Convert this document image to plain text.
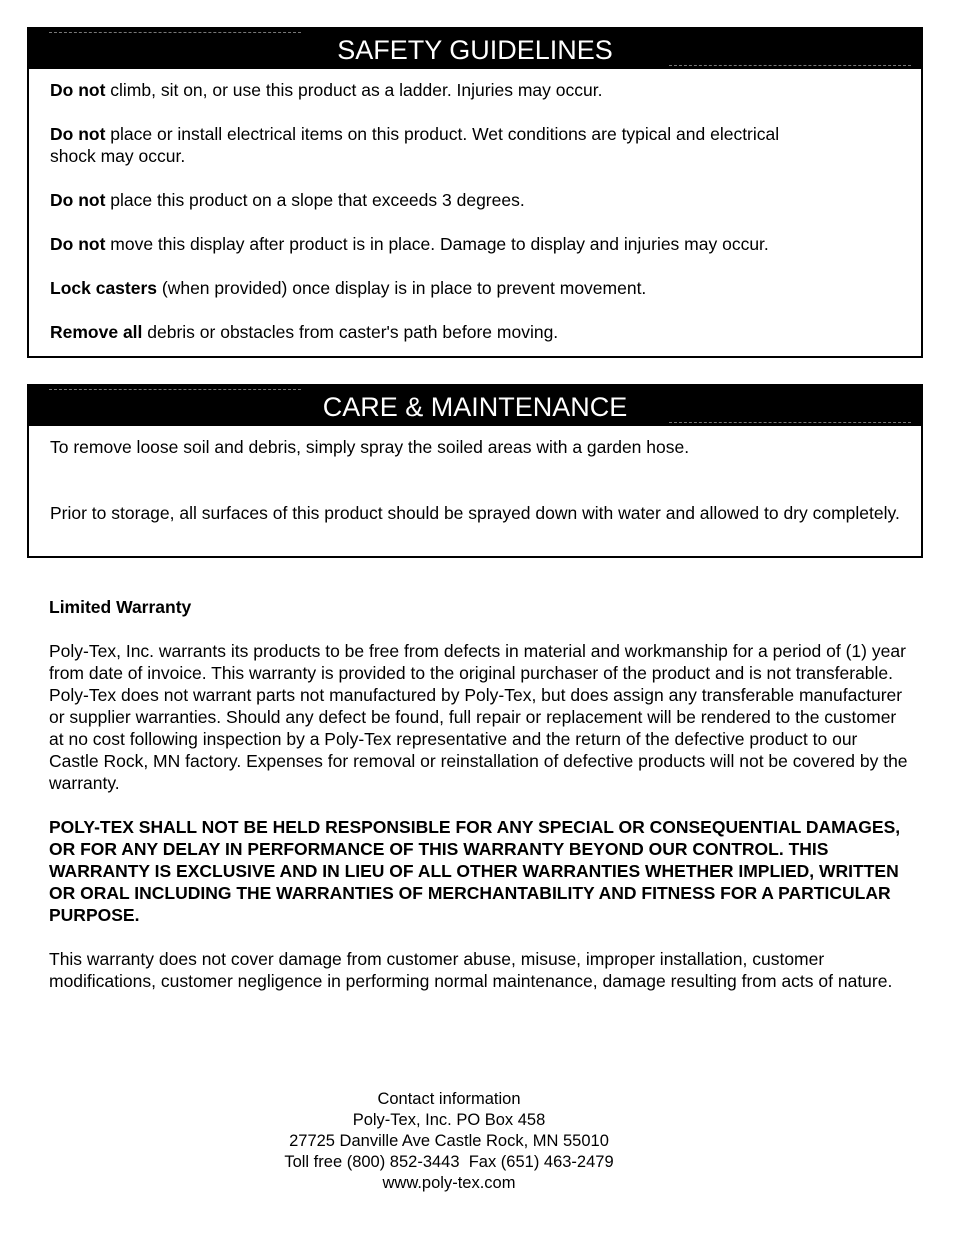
SAFETY GUIDELINES

Do not climb, sit on, or use this product as a ladder. Injuries may occur.

Do not place or install electrical items on this product. Wet conditions are typical and electrical shock may occur.

Do not place this product on a slope that exceeds 3 degrees.

Do not move this display after product is in place. Damage to display and injuries may occur.

Lock casters (when provided) once display is in place to prevent movement.

Remove all debris or obstacles from caster's path before moving.

CARE & MAINTENANCE

To remove loose soil and debris, simply spray the soiled areas with a garden hose.

Prior to storage, all surfaces of this product should be sprayed down with water and allowed to dry completely.

Limited Warranty

Poly-Tex, Inc. warrants its products to be free from defects in material and workmanship for a period of (1) year from date of invoice. This warranty is provided to the original purchaser of the product and is not transferable. Poly-Tex does not warrant parts not manufactured by Poly-Tex, but does assign any transferable manufacturer or supplier warranties. Should any defect be found, full repair or replacement will be rendered to the customer at no cost following inspection by a Poly-Tex representative and the return of the defective product to our Castle Rock, MN factory. Expenses for removal or reinstallation of defective products will not be covered by the warranty.

POLY-TEX SHALL NOT BE HELD RESPONSIBLE FOR ANY SPECIAL OR CONSEQUENTIAL DAMAGES, OR FOR ANY DELAY IN PERFORMANCE OF THIS WARRANTY BEYOND OUR CONTROL. THIS WARRANTY IS EXCLUSIVE AND IN LIEU OF ALL OTHER WARRANTIES WHETHER IMPLIED, WRITTEN OR ORAL INCLUDING THE WARRANTIES OF MERCHANTABILITY AND FITNESS FOR A PARTICULAR PURPOSE.

This warranty does not cover damage from customer abuse, misuse, improper installation, customer modifications, customer negligence in performing normal maintenance, damage resulting from acts of nature.

Contact information
Poly-Tex, Inc. PO Box 458
27725 Danville Ave Castle Rock, MN 55010
Toll free (800) 852-3443  Fax (651) 463-2479
www.poly-tex.com
